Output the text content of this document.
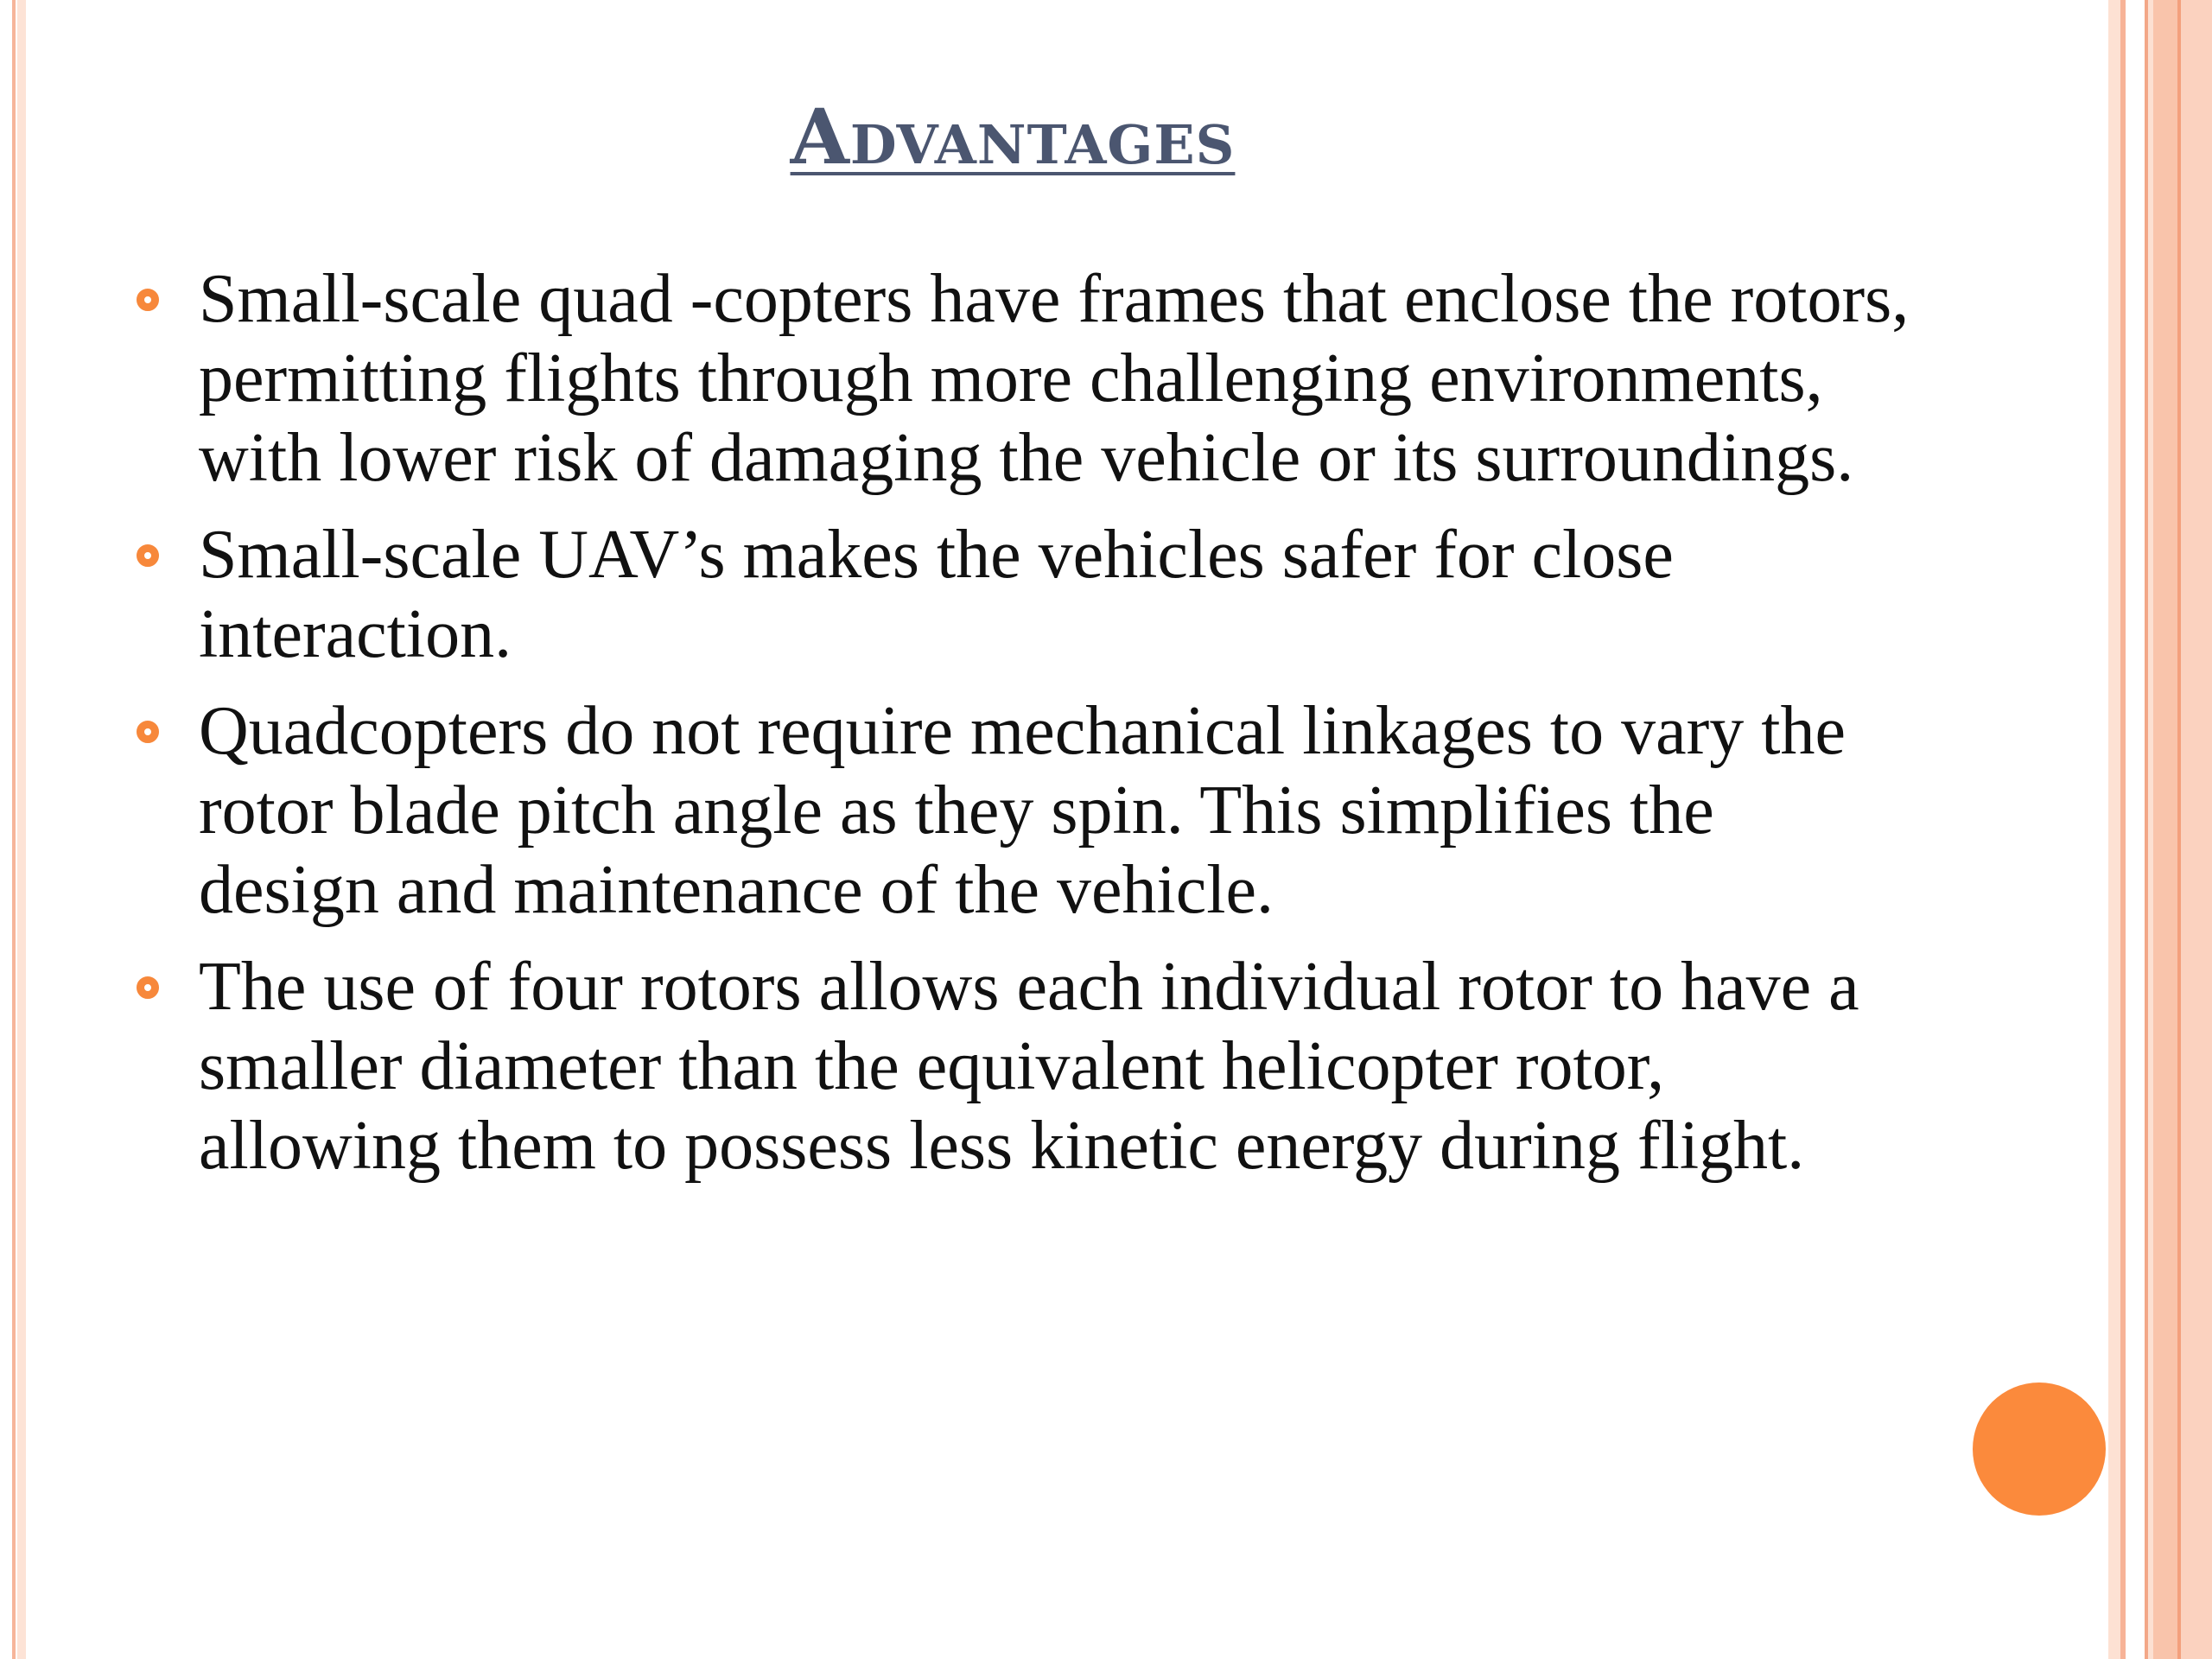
Advantages
Small-scale quad -copters have frames that enclose the rotors, permitting flights through more challenging environments, with lower risk of damaging the vehicle or its surroundings.
Small-scale UAV’s makes the vehicles safer for close interaction.
Quadcopters do not require mechanical linkages to vary the rotor blade pitch angle as they spin. This simplifies the design and maintenance of the vehicle.
The use of four rotors allows each individual rotor to have a smaller diameter than the equivalent helicopter rotor, allowing them to possess less kinetic energy during flight.
